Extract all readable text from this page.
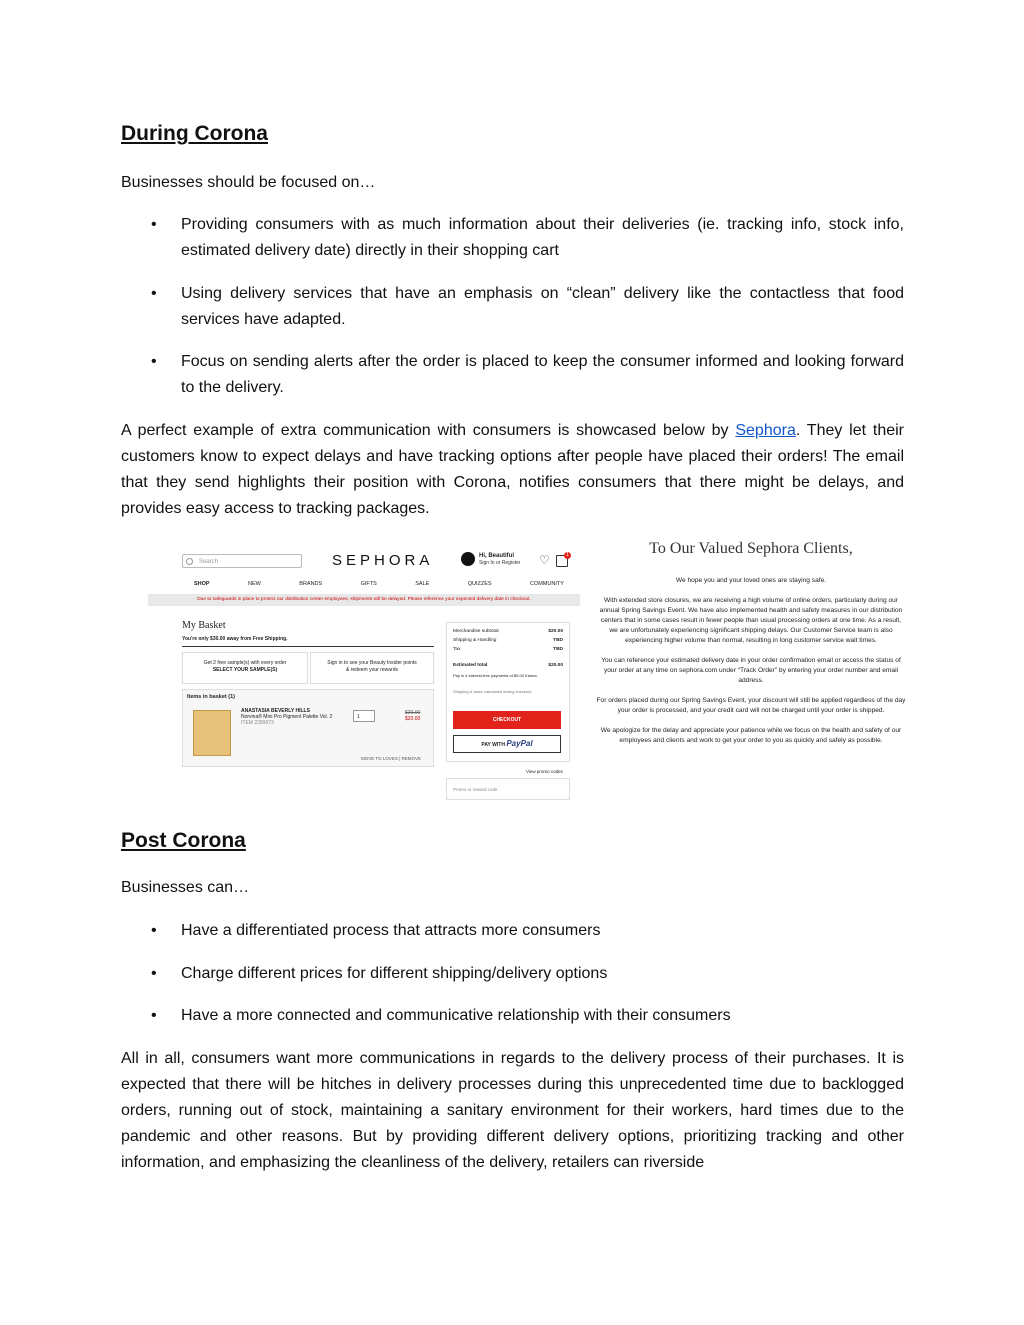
During Corona
Businesses should be focused on…
• Providing consumers with as much information about their deliveries (ie. tracking info, stock info, estimated delivery date) directly in their shopping cart
• Using delivery services that have an emphasis on “clean” delivery like the contactless that food services have adapted.
• Focus on sending alerts after the order is placed to keep the consumer informed and looking forward to the delivery.
A perfect example of extra communication with consumers is showcased below by Sephora. They let their customers know to expect delays and have tracking options after people have placed their orders! The email that they send highlights their position with Corona, notifies consumers that there might be delays, and provides easy access to tracking packages.
Search	SEPHORA	Hi, Beautiful
Sign In or Register ♡	1
SHOP	NEW	BRANDS	GIFTS	SALE	QUIZZES	COMMUNITY
Due to safeguards in place to protect our distribution center employees, shipments will be delayed. Please reference your expected delivery date in checkout.
My Basket
You're only $30.00 away from Free Shipping.
Get 2 free sample(s) with every order
SELECT YOUR SAMPLE(S)
Sign in to see your Beauty Insider points
& redeem your rewards
Items in basket (1)
ANASTASIA BEVERLY HILLS
Norvina® Mini Pro Pigment Palette Vol. 2
ITEM 2289973
1
$29.00
$20.00
MOVE TO LOVES | REMOVE
Merchandise subtotal	$20.00
Shipping & Handling	TBD
Tax	TBD
Estimated total	$20.00
Pay in 4 interest-free payments of $5.00 Klarna.
Shipping & taxes calculated during checkout
CHECKOUT
PAY WITH PayPal
View promo codes
Promo or reward code
To Our Valued Sephora Clients,

We hope you and your loved ones are staying safe.

With extended store closures, we are receiving a high volume of online orders, particularly during our annual Spring Savings Event. We have also implemented health and safety measures in our distribution centers that in some cases result in fewer people than usual processing orders at one time. As a result, we are unfortunately experiencing significant shipping delays. Our Customer Service team is also experiencing higher volume than normal, resulting in long customer service wait times.

You can reference your estimated delivery date in your order confirmation email or access the status of your order at any time on sephora.com under “Track Order” by entering your order number and email address.

For orders placed during our Spring Savings Event, your discount will still be applied regardless of the day your order is processed, and your credit card will not be charged until your order is shipped.

We apologize for the delay and appreciate your patience while we focus on the health and safety of our employees and clients and work to get your order to you as quickly and safely as possible.

Post Corona
Businesses can…
• Have a differentiated process that attracts more consumers
• Charge different prices for different shipping/delivery options
• Have a more connected and communicative relationship with their consumers
All in all, consumers want more communications in regards to the delivery process of their purchases. It is expected that there will be hitches in delivery processes during this unprecedented time due to backlogged orders, running out of stock, maintaining a sanitary environment for their workers, hard times due to the pandemic and other reasons. But by providing different delivery options, prioritizing tracking and other information, and emphasizing the cleanliness of the delivery, retailers can riverside
